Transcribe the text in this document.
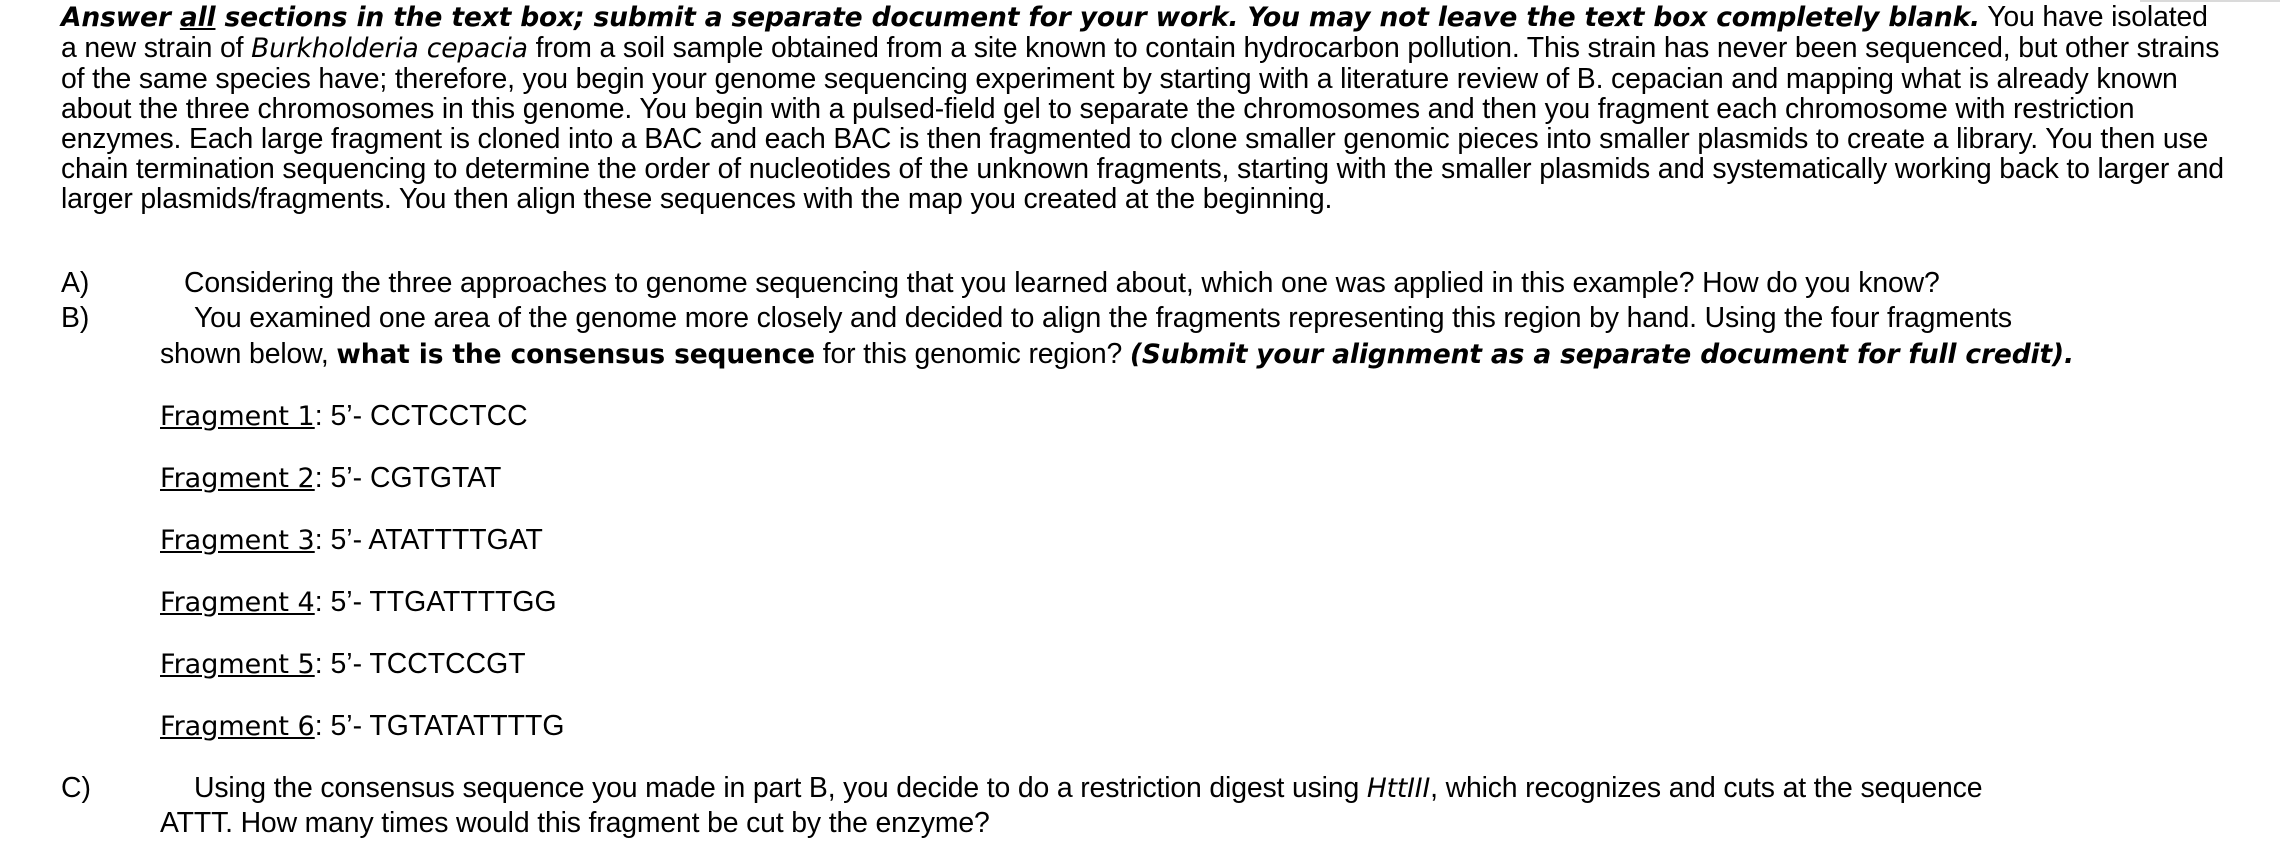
Answer all sections in the text box; submit a separate document for your work. You may not leave the text box completely blank. You have isolated a new strain of Burkholderia cepacia from a soil sample obtained from a site known to contain hydrocarbon pollution. This strain has never been sequenced, but other strains of the same species have; therefore, you begin your genome sequencing experiment by starting with a literature review of B. cepacian and mapping what is already known about the three chromosomes in this genome. You begin with a pulsed-field gel to separate the chromosomes and then you fragment each chromosome with restriction enzymes. Each large fragment is cloned into a BAC and each BAC is then fragmented to clone smaller genomic pieces into smaller plasmids to create a library. You then use chain termination sequencing to determine the order of nucleotides of the unknown fragments, starting with the smaller plasmids and systematically working back to larger and larger plasmids/fragments. You then align these sequences with the map you created at the beginning.
A)	Considering the three approaches to genome sequencing that you learned about, which one was applied in this example? How do you know?
B)	You examined one area of the genome more closely and decided to align the fragments representing this region by hand. Using the four fragments
shown below, what is the consensus sequence for this genomic region? (Submit your alignment as a separate document for full credit).
Fragment 1: 5’- CCTCCTCC
Fragment 2: 5’- CGTGTAT
Fragment 3: 5’- ATATTTTGAT
Fragment 4: 5’- TTGATTTTGG
Fragment 5: 5’- TCCTCCGT
Fragment 6: 5’- TGTATATTTTG
C)	Using the consensus sequence you made in part B, you decide to do a restriction digest using HttIII, which recognizes and cuts at the sequence
ATTT. How many times would this fragment be cut by the enzyme?
